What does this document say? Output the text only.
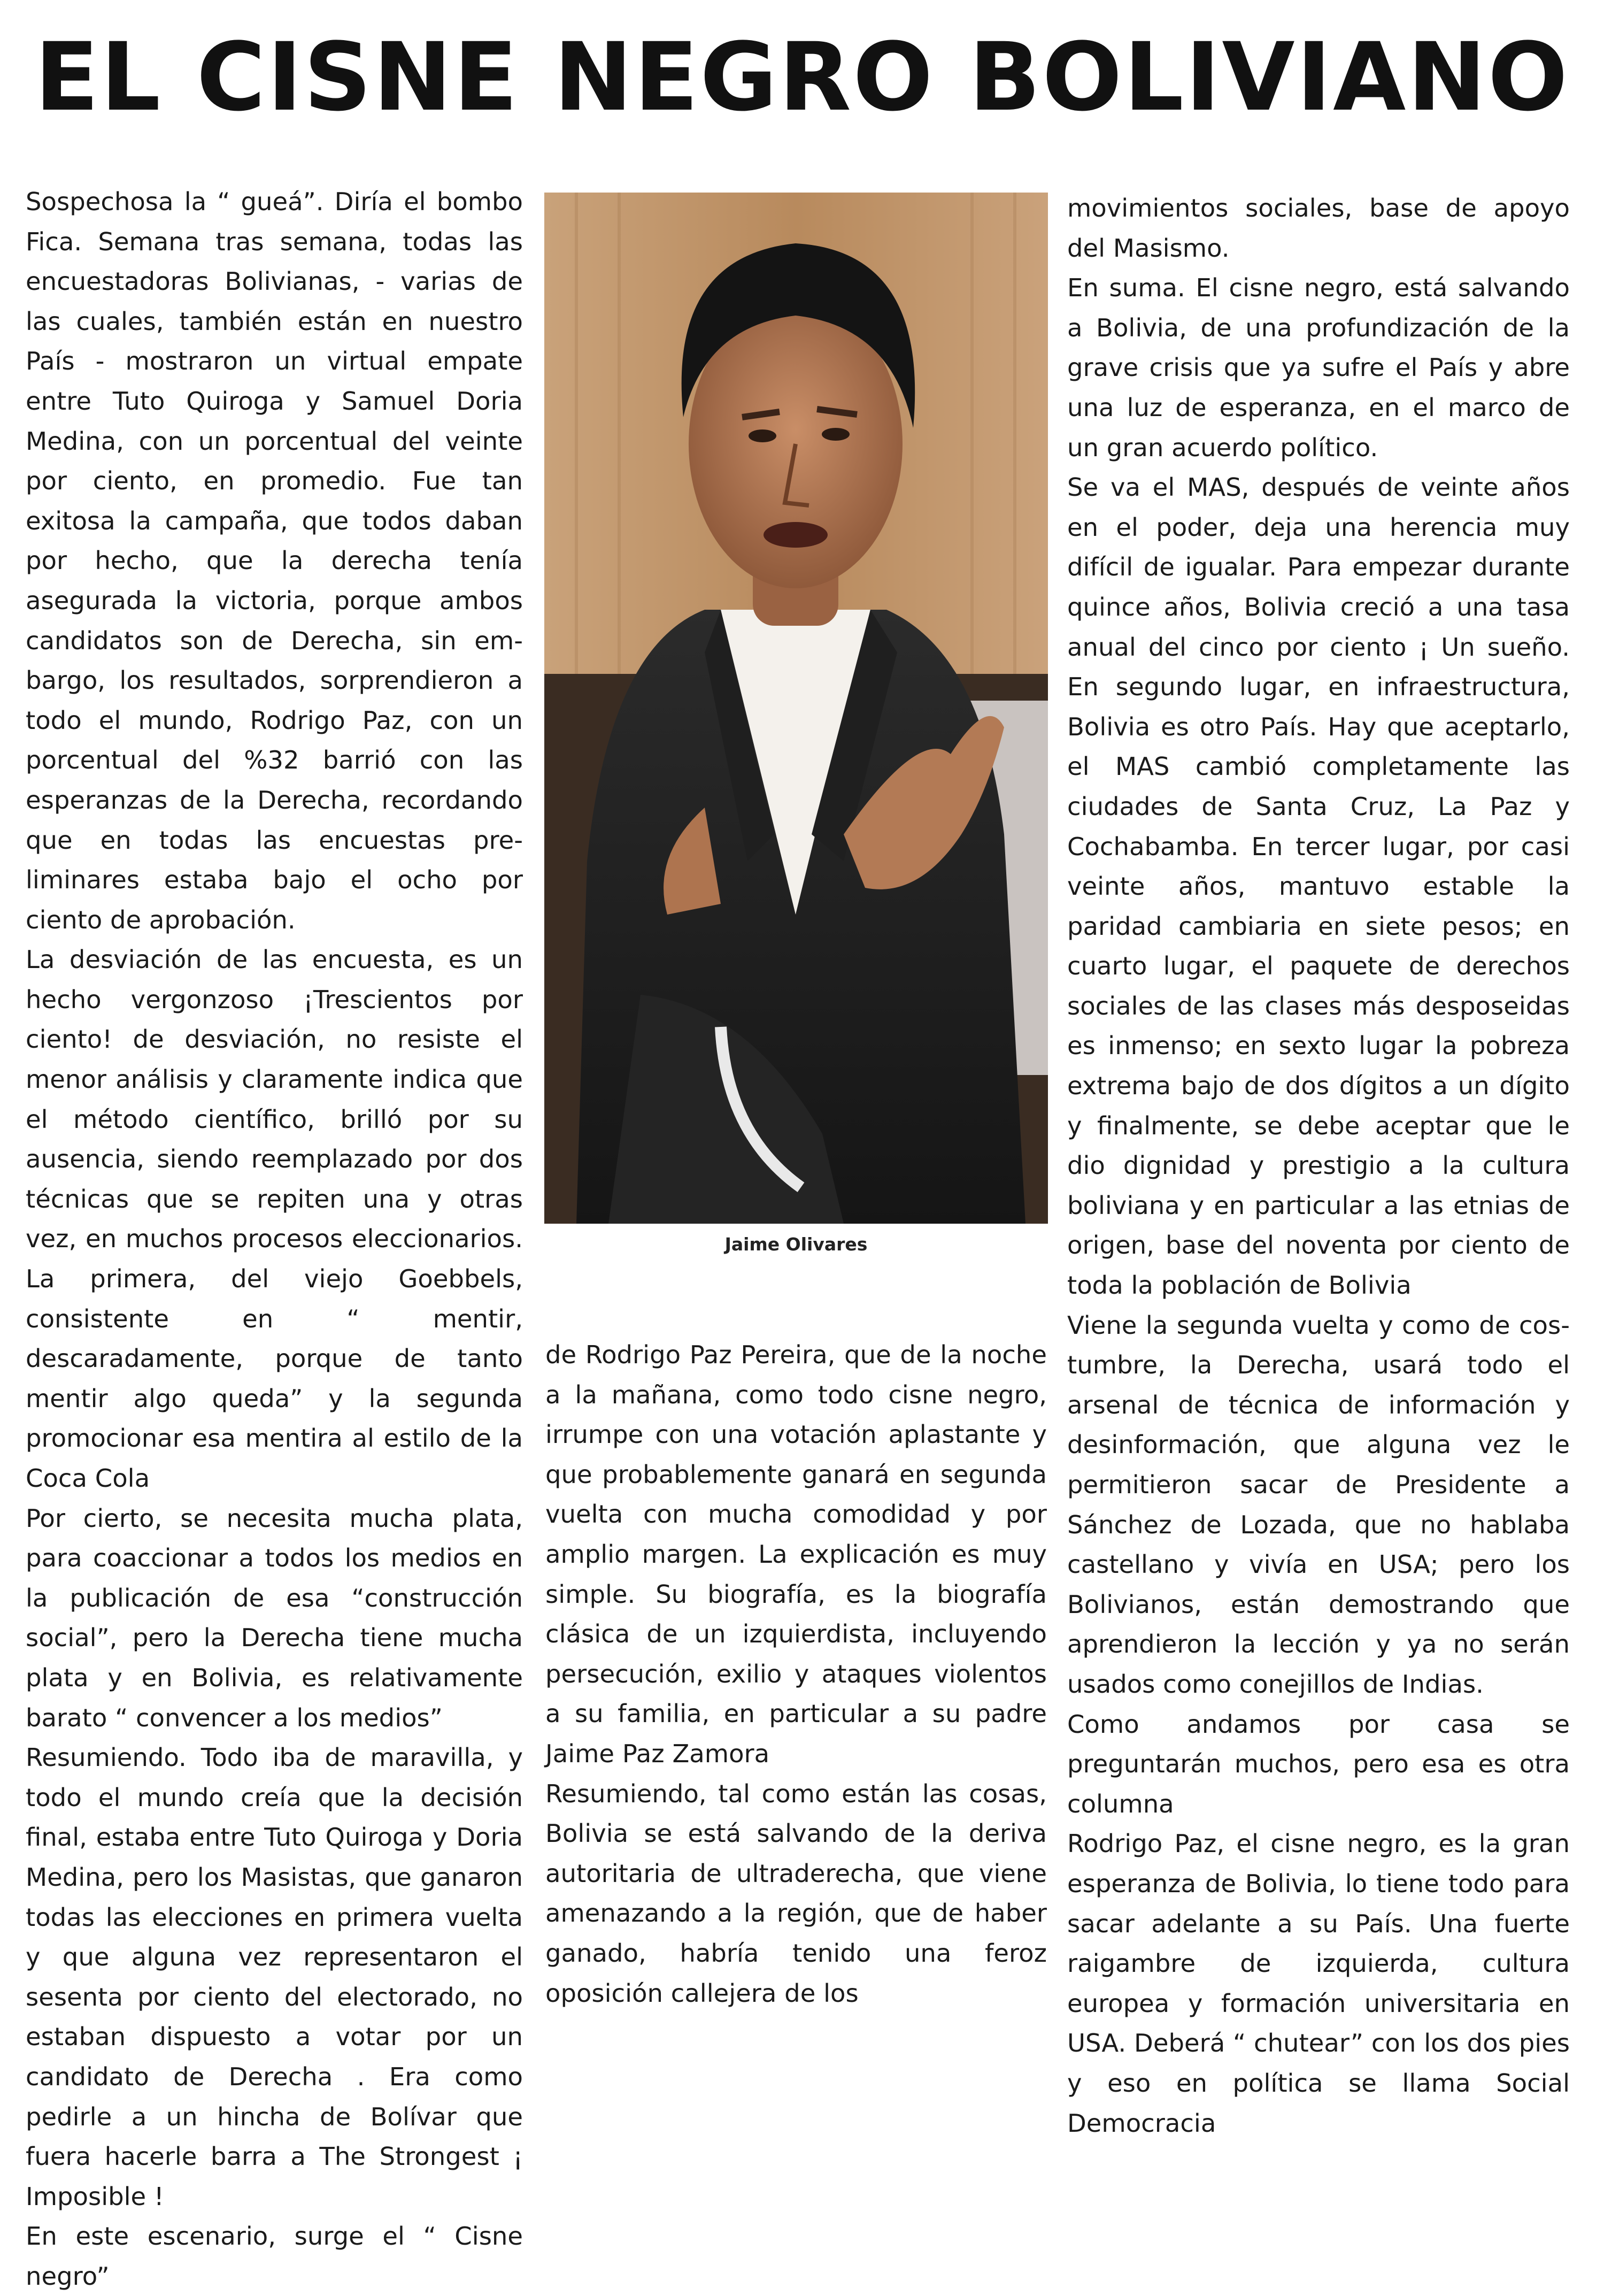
EL CISNE NEGRO BOLIVIANO

Sospechosa la “ gueá”. Diría el bombo Fica. Semana tras semana, todas las encuestadoras Bolivianas, - varias de las cuales, también están en nuestro País - mostraron un virtual empate entre Tuto Quiroga y Samuel Doria Medina, con un porcentual del veinte por ciento, en promedio. Fue tan exitosa la campaña, que todos daban por hecho, que la derecha tenía asegurada la victoria, porque ambos candidatos son de Derecha, sin embargo, los resultados, sorprendieron a todo el mundo, Rodrigo Paz, con un porcentual del %32 barrió con las esperanzas de la Derecha, recordando que en todas las encuestas preliminares estaba bajo el ocho por ciento de aprobación.

La desviación de las encuesta, es un hecho vergonzoso ¡Trescientos por ciento! de desviación, no resiste el menor análisis y claramente indica que el método científico, brilló por su ausencia, siendo reemplazado por dos técnicas que se repiten una y otras vez, en muchos procesos eleccionarios. La primera, del viejo Goebbels, consistente en “ mentir, descaradamente, porque de tanto mentir algo queda” y la segunda promocionar esa mentira al estilo de la Coca Cola

Por cierto, se necesita mucha plata, para coaccionar a todos los medios en la publicación de esa “construcción social”, pero la Derecha tiene mucha plata y en Bolivia, es relativamente barato “ convencer a los medios”

Resumiendo. Todo iba de maravilla, y todo el mundo creía que la decisión final, estaba entre Tuto Quiroga y Doria Medina, pero los Masistas, que ganaron todas las elecciones en primera vuelta y que alguna vez representaron el sesenta por ciento del electorado, no estaban dispuesto a votar por un candidato de Derecha . Era como pedirle a un hincha de Bolívar que fuera hacerle barra a The Strongest ¡ Imposible !

En este escenario, surge el “ Cisne negro”

Jaime Olivares

de Rodrigo Paz Pereira, que de la noche a la mañana, como todo cisne negro, irrumpe con una votación aplastante y que probablemente ganará en segunda vuelta con mucha comodidad y por amplio margen. La explicación es muy simple. Su biografía, es la biografía clásica de un izquierdista, incluyendo persecución, exilio y ataques violentos a su familia, en particular a su padre Jaime Paz Zamora

Resumiendo, tal como están las cosas, Bolivia se está salvando de la deriva autoritaria de ultraderecha, que viene amenazando a la región, que de haber ganado, habría tenido una feroz oposición callejera de los

movimientos sociales, base de apoyo del Masismo.

En suma. El cisne negro, está salvando a Bolivia, de una profundización de la grave crisis que ya sufre el País y abre una luz de esperanza, en el marco de un gran acuerdo político.

Se va el MAS, después de veinte años en el poder, deja una herencia muy difícil de igualar. Para empezar durante quince años, Bolivia creció a una tasa anual del cinco por ciento ¡ Un sueño. En segundo lugar, en infraestructura, Bolivia es otro País. Hay que aceptarlo, el MAS cambió completamente las ciudades de Santa Cruz, La Paz y Cochabamba. En tercer lugar, por casi veinte años, mantuvo estable la paridad cambiaria en siete pesos; en cuarto lugar, el paquete de derechos sociales de las clases más desposeidas es inmenso; en sexto lugar la pobreza extrema bajo de dos dígitos a un dígito y finalmente, se debe aceptar que le dio dignidad y prestigio a la cultura boliviana y en particular a las etnias de origen, base del noventa por ciento de toda la población de Bolivia

Viene la segunda vuelta y como de costumbre, la Derecha, usará todo el arsenal de técnica de información y desinformación, que alguna vez le permitieron sacar de Presidente a Sánchez de Lozada, que no hablaba castellano y vivía en USA; pero los Bolivianos, están demostrando que aprendieron la lección y ya no serán usados como conejillos de Indias.

Como andamos por casa se preguntarán muchos, pero esa es otra columna

Rodrigo Paz, el cisne negro, es la gran esperanza de Bolivia, lo tiene todo para sacar adelante a su País. Una fuerte raigambre de izquierda, cultura europea y formación universitaria en USA. Deberá “ chutear” con los dos pies y eso en política se llama Social Democracia
